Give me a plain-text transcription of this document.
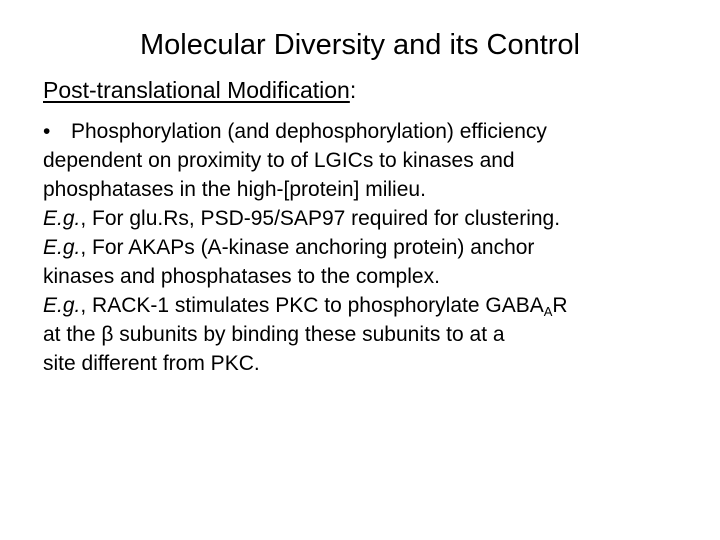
Molecular Diversity and its Control
Post-translational Modification:

• Phosphorylation (and dephosphorylation) efficiency
dependent on proximity to of LGICs to kinases and
phosphatases in the high-[protein] milieu.

E.g., For glu.Rs, PSD-95/SAP97 required for clustering.

E.g., For AKAPs (A-kinase anchoring protein) anchor
kinases and phosphatases to the complex.

E.g., RACK-1 stimulates PKC to phosphorylate $GABA_AR$
at the β subunits by binding these subunits to at a
site different from PKC.
